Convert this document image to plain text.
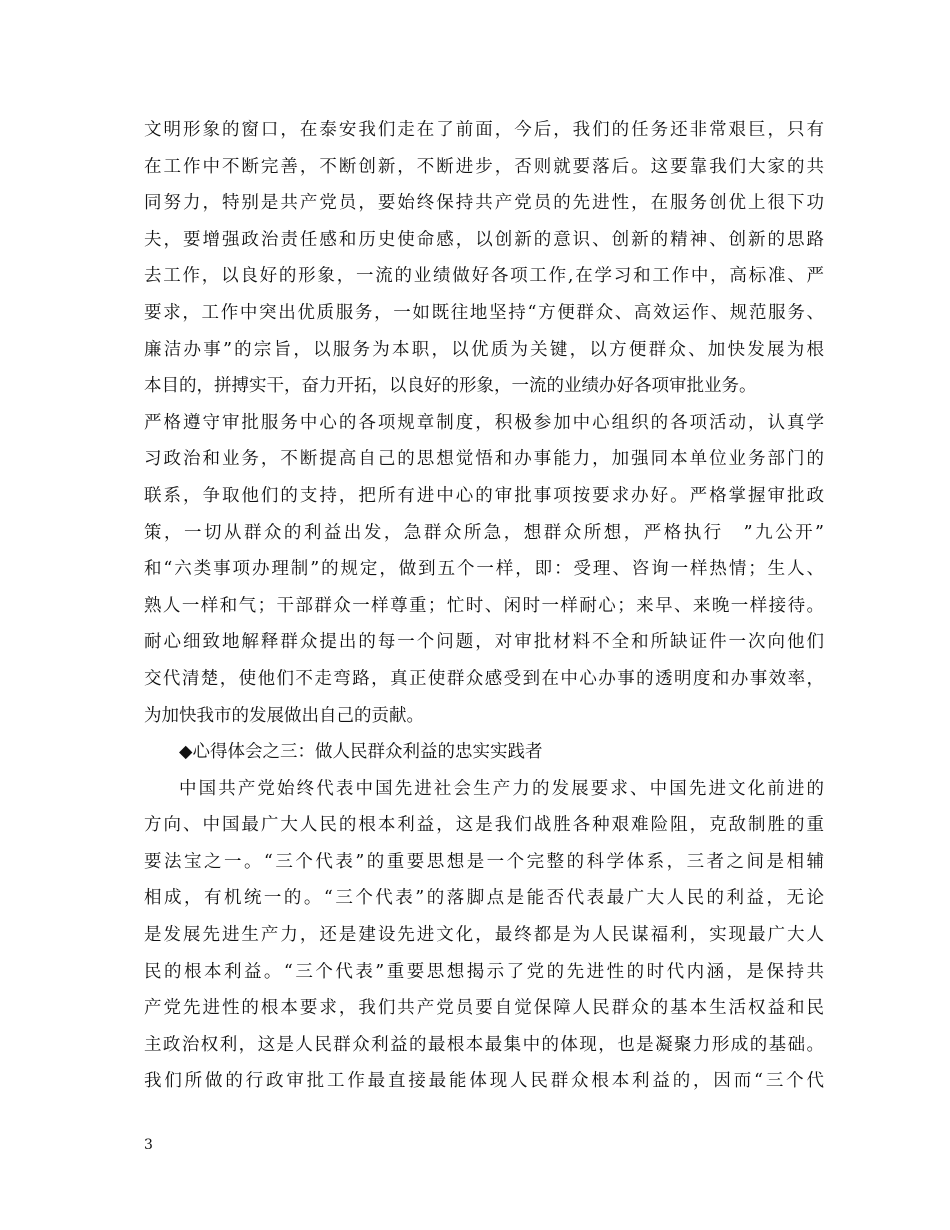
文明形象的窗口，在泰安我们走在了前面，今后，我们的任务还非常艰巨，只有
在工作中不断完善，不断创新，不断进步，否则就要落后。这要靠我们大家的共
同努力，特别是共产党员，要始终保持共产党员的先进性，在服务创优上很下功
夫，要增强政治责任感和历史使命感，以创新的意识、创新的精神、创新的思路
去工作，以良好的形象，一流的业绩做好各项工作,在学习和工作中，高标准、严
要求，工作中突出优质服务，一如既往地坚持“方便群众、高效运作、规范服务、
廉洁办事”的宗旨，以服务为本职，以优质为关键，以方便群众、加快发展为根
本目的，拼搏实干，奋力开拓，以良好的形象，一流的业绩办好各项审批业务。
严格遵守审批服务中心的各项规章制度，积极参加中心组织的各项活动，认真学
习政治和业务，不断提高自己的思想觉悟和办事能力，加强同本单位业务部门的
联系，争取他们的支持，把所有进中心的审批事项按要求办好。严格掌握审批政
策，一切从群众的利益出发，急群众所急，想群众所想，严格执行　”九公开”
和“六类事项办理制”的规定，做到五个一样，即：受理、咨询一样热情；生人、
熟人一样和气；干部群众一样尊重；忙时、闲时一样耐心；来早、来晚一样接待。
耐心细致地解释群众提出的每一个问题，对审批材料不全和所缺证件一次向他们
交代清楚，使他们不走弯路，真正使群众感受到在中心办事的透明度和办事效率，
为加快我市的发展做出自己的贡献。
◆心得体会之三：做人民群众利益的忠实实践者
中国共产党始终代表中国先进社会生产力的发展要求、中国先进文化前进的
方向、中国最广大人民的根本利益，这是我们战胜各种艰难险阻，克敌制胜的重
要法宝之一。“三个代表”的重要思想是一个完整的科学体系，三者之间是相辅
相成，有机统一的。“三个代表”的落脚点是能否代表最广大人民的利益，无论
是发展先进生产力，还是建设先进文化，最终都是为人民谋福利，实现最广大人
民的根本利益。“三个代表”重要思想揭示了党的先进性的时代内涵，是保持共
产党先进性的根本要求，我们共产党员要自觉保障人民群众的基本生活权益和民
主政治权利，这是人民群众利益的最根本最集中的体现，也是凝聚力形成的基础。
我们所做的行政审批工作最直接最能体现人民群众根本利益的，因而“三个代
3
